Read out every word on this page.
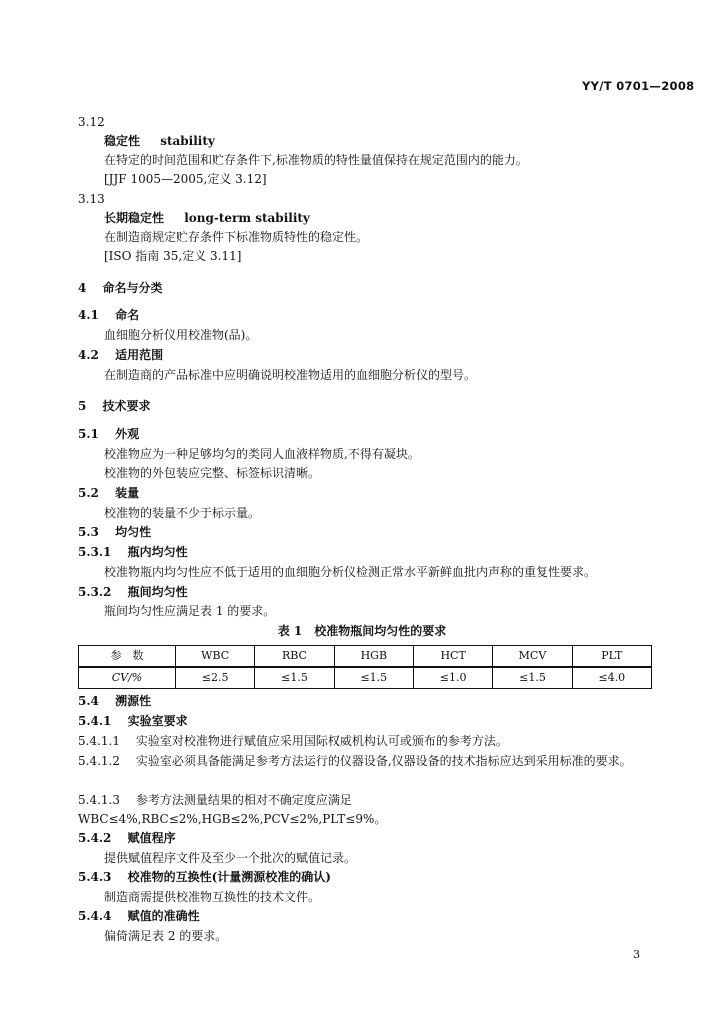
YY/T 0701—2008
3.12
稳定性 stability
在特定的时间范围和贮存条件下,标准物质的特性量值保持在规定范围内的能力。
[JJF 1005—2005,定义 3.12]
3.13
长期稳定性 long-term stability
在制造商规定贮存条件下标准物质特性的稳定性。
[ISO 指南 35,定义 3.11]
4 命名与分类
4.1 命名
血细胞分析仪用校准物(品)。
4.2 适用范围
在制造商的产品标准中应明确说明校准物适用的血细胞分析仪的型号。
5 技术要求
5.1 外观
校准物应为一种足够均匀的类同人血液样物质,不得有凝块。
校准物的外包装应完整、标签标识清晰。
5.2 装量
校准物的装量不少于标示量。
5.3 均匀性
5.3.1 瓶内均匀性
校准物瓶内均匀性应不低于适用的血细胞分析仪检测正常水平新鲜血批内声称的重复性要求。
5.3.2 瓶间均匀性
瓶间均匀性应满足表 1 的要求。
表 1　校准物瓶间均匀性的要求
参　数	WBC	RBC	HGB	HCT	MCV	PLT
CV/%	≤2.5	≤1.5	≤1.5	≤1.0	≤1.5	≤4.0
5.4 溯源性
5.4.1 实验室要求
5.4.1.1 实验室对校准物进行赋值应采用国际权威机构认可或颁布的参考方法。
5.4.1.2 实验室必须具备能满足参考方法运行的仪器设备,仪器设备的技术指标应达到采用标准的要求。
5.4.1.3 参考方法测量结果的相对不确定度应满足 WBC≤4%,RBC≤2%,HGB≤2%,PCV≤2%,PLT≤9%。
5.4.2 赋值程序
提供赋值程序文件及至少一个批次的赋值记录。
5.4.3 校准物的互换性(计量溯源校准的确认)
制造商需提供校准物互换性的技术文件。
5.4.4 赋值的准确性
偏倚满足表 2 的要求。
3
